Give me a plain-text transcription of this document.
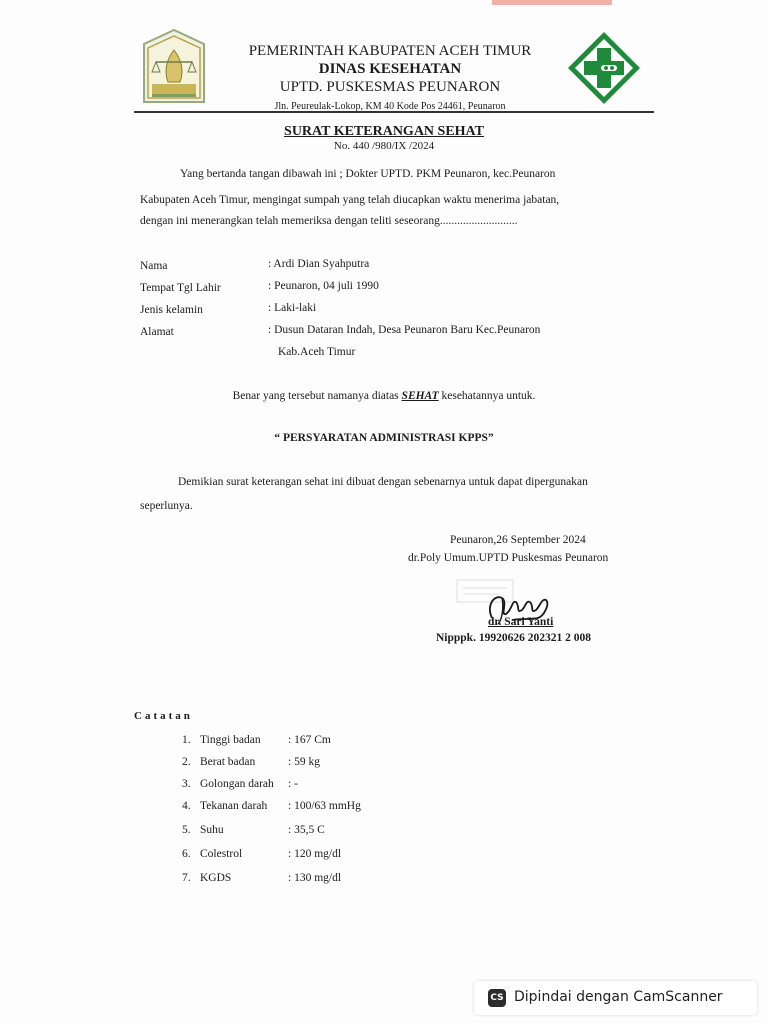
PEMERINTAH KABUPATEN ACEH TIMUR
DINAS KESEHATAN
UPTD. PUSKESMAS PEUNARON
Jln. Peureulak-Lokop, KM 40 Kode Pos 24461, Peunaron
SURAT KETERANGAN SEHAT
No. 440 /980/IX /2024
Yang bertanda tangan dibawah ini ; Dokter UPTD. PKM Peunaron, kec.Peunaron
Kabupaten Aceh Timur, mengingat sumpah yang telah diucapkan waktu menerima jabatan,
dengan ini menerangkan telah memeriksa dengan teliti seseorang...........................
Nama	: Ardi Dian Syahputra
Tempat Tgl Lahir	: Peunaron, 04 juli 1990
Jenis kelamin	: Laki-laki
Alamat	: Dusun Dataran Indah, Desa Peunaron Baru Kec.Peunaron
Kab.Aceh Timur
Benar yang tersebut namanya diatas SEHAT kesehatannya untuk.
“ PERSYARATAN ADMINISTRASI KPPS”
Demikian surat keterangan sehat ini dibuat dengan sebenarnya untuk dapat dipergunakan
seperlunya.
Peunaron,26 September 2024
dr.Poly Umum.UPTD Puskesmas Peunaron
dr. Sari Yanti
Nipppk. 19920626 202321 2 008
Catatan
1. Tinggi badan : 167 Cm
2. Berat badan	: 59 kg
3. Golongan darah : -
4. Tekanan darah : 100/63 mmHg
5. Suhu	: 35,5 C
6. Colestrol	: 120 mg/dl
7. KGDS	: 130 mg/dl
CS Dipindai dengan CamScanner
